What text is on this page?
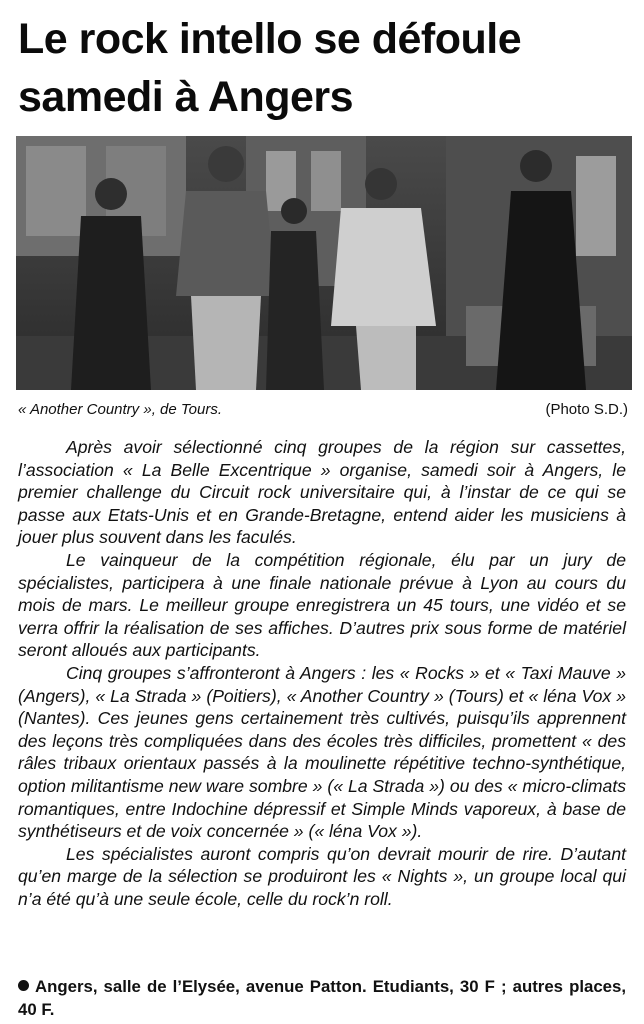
Le rock intello se défoule
samedi à Angers
« Another Country », de Tours.	(Photo S.D.)

Après avoir sélectionné cinq groupes de la région sur cassettes, l’association « La Belle Excentrique » organise, samedi soir à Angers, le premier challenge du Circuit rock universitaire qui, à l’instar de ce qui se passe aux Etats-Unis et en Grande-Bretagne, entend aider les musiciens à jouer plus souvent dans les faculés.

Le vainqueur de la compétition régionale, élu par un jury de spécialistes, participera à une finale nationale prévue à Lyon au cours du mois de mars. Le meilleur groupe enregistrera un 45 tours, une vidéo et se verra offrir la réalisation de ses affiches. D’autres prix sous forme de matériel seront alloués aux participants.

Cinq groupes s’affronteront à Angers : les « Rocks » et « Taxi Mauve » (Angers), « La Strada » (Poitiers), « Another Country » (Tours) et « léna Vox » (Nantes). Ces jeunes gens certainement très cultivés, puisqu’ils apprennent des leçons très compliquées dans des écoles très difficiles, promettent « des râles tribaux orientaux passés à la moulinette répétitive techno-synthétique, option militantisme new ware sombre » (« La Strada ») ou des « micro-climats romantiques, entre Indochine dépressif et Simple Minds vaporeux, à base de synthétiseurs et de voix concernée » (« léna Vox »).

Les spécialistes auront compris qu’on devrait mourir de rire. D’autant qu’en marge de la sélection se produiront les « Nights », un groupe local qui n’a été qu’à une seule école, celle du rock’n roll.

Angers, salle de l’Elysée, avenue Patton. Etudiants, 30 F ; autres places, 40 F.
